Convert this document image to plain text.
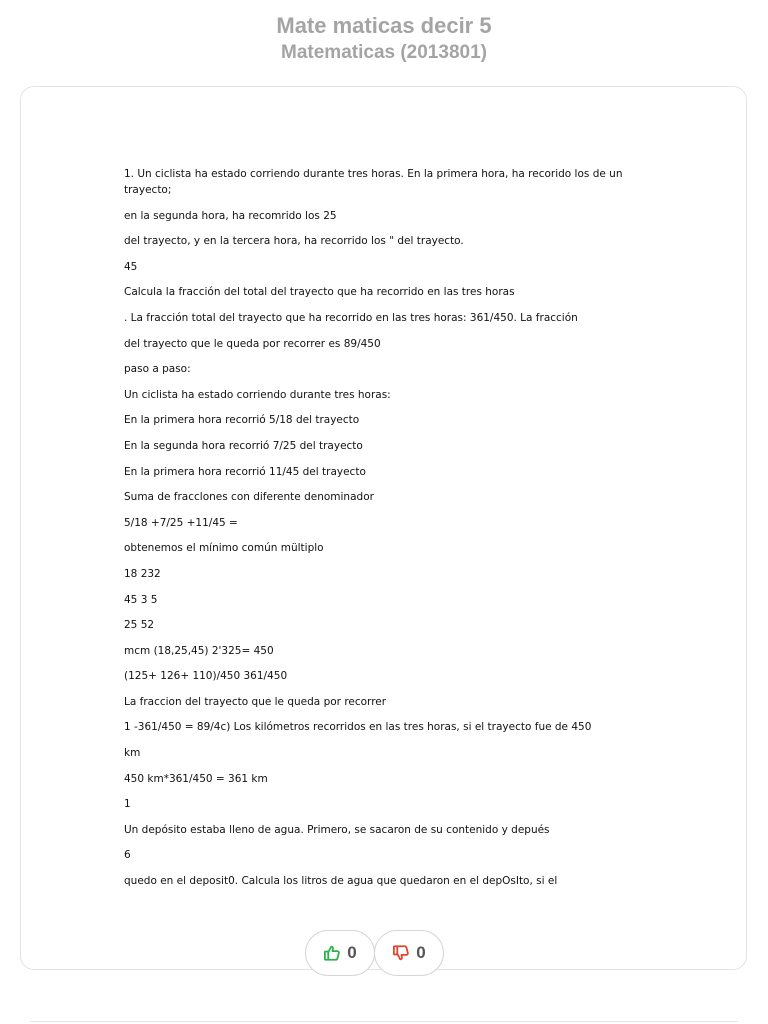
Mate maticas decir 5
Matematicas (2013801)

1. Un ciclista ha estado corriendo durante tres horas. En la primera hora, ha recorido los de un trayecto;

en la segunda hora, ha recomrido los 25

del trayecto, y en la tercera hora, ha recorrido los " del trayecto.

45

Calcula la fracción del total del trayecto que ha recorrido en las tres horas

. La fracción total del trayecto que ha recorrido en las tres horas: 361/450. La fracción

del trayecto que le queda por recorrer es 89/450

paso a paso:

Un ciclista ha estado corriendo durante tres horas:

En la primera hora recorrió 5/18 del trayecto

En la segunda hora recorrió 7/25 del trayecto

En la primera hora recorrió 11/45 del trayecto

Suma de fracclones con diferente denominador

5/18 +7/25 +11/45 =

obtenemos el mínimo común mültiplo

18 232

45 3 5

25 52

mcm (18,25,45) 2'325= 450

(125+ 126+ 110)/450 361/450

La fraccion del trayecto que le queda por recorrer

1 -361/450 = 89/4c) Los kilómetros recorridos en las tres horas, si el trayecto fue de 450

km

450 km*361/450 = 361 km

1

Un depósito estaba lleno de agua. Primero, se sacaron de su contenido y depués

6

quedo en el deposit0. Calcula los litros de agua que quedaron en el depOsIto, si el

0	0
